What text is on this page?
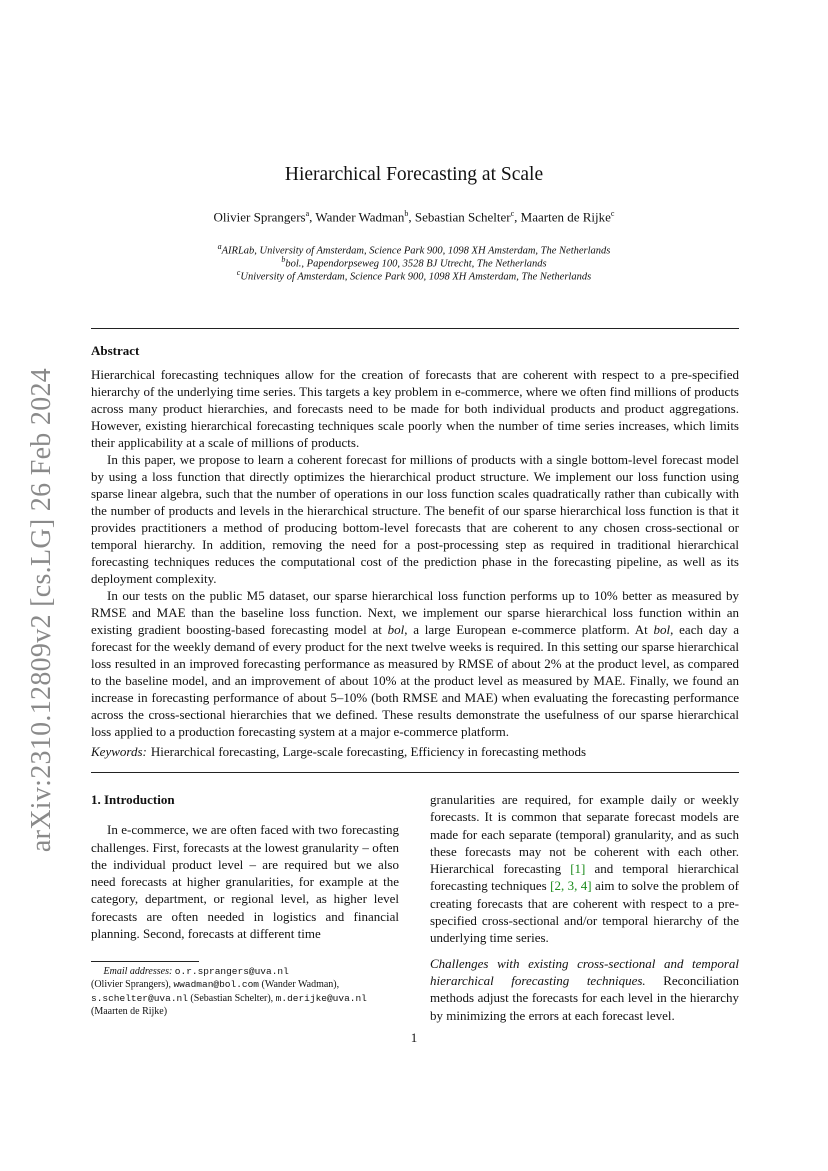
arXiv:2310.12809v2 [cs.LG] 26 Feb 2024
Hierarchical Forecasting at Scale
Olivier Sprangers$^a$, Wander Wadman$^b$, Sebastian Schelter$^c$, Maarten de Rijke$^c$
$^a$AIRLab, University of Amsterdam, Science Park 900, 1098 XH Amsterdam, The Netherlands
$^b$bol., Papendorpseweg 100, 3528 BJ Utrecht, The Netherlands
$^c$University of Amsterdam, Science Park 900, 1098 XH Amsterdam, The Netherlands
Abstract

Hierarchical forecasting techniques allow for the creation of forecasts that are coherent with respect to a pre-specified hierarchy of the underlying time series. This targets a key problem in e-commerce, where we often find millions of products across many product hierarchies, and forecasts need to be made for both individual products and product aggregations. However, existing hierarchical forecasting techniques scale poorly when the number of time series increases, which limits their applicability at a scale of millions of products.

In this paper, we propose to learn a coherent forecast for millions of products with a single bottom-level forecast model by using a loss function that directly optimizes the hierarchical product structure. We implement our loss function using sparse linear algebra, such that the number of operations in our loss function scales quadratically rather than cubically with the number of products and levels in the hierarchical structure. The benefit of our sparse hierarchical loss function is that it provides practitioners a method of producing bottom-level forecasts that are coherent to any chosen cross-sectional or temporal hierarchy. In addition, removing the need for a post-processing step as required in traditional hierarchical forecasting techniques reduces the computational cost of the prediction phase in the forecasting pipeline, as well as its deployment complexity.

In our tests on the public M5 dataset, our sparse hierarchical loss function performs up to 10% better as measured by RMSE and MAE than the baseline loss function. Next, we implement our sparse hierarchical loss function within an existing gradient boosting-based forecasting model at bol, a large European e-commerce platform. At bol, each day a forecast for the weekly demand of every product for the next twelve weeks is required. In this setting our sparse hierarchical loss resulted in an improved forecasting performance as measured by RMSE of about 2% at the product level, as compared to the baseline model, and an improvement of about 10% at the product level as measured by MAE. Finally, we found an increase in forecasting performance of about 5–10% (both RMSE and MAE) when evaluating the forecasting performance across the cross-sectional hierarchies that we defined. These results demonstrate the usefulness of our sparse hierarchical loss applied to a production forecasting system at a major e-commerce platform.

Keywords: Hierarchical forecasting, Large-scale forecasting, Efficiency in forecasting methods
1. Introduction

In e-commerce, we are often faced with two forecasting challenges. First, forecasts at the lowest granularity – often the individual product level – are required but we also need forecasts at higher granularities, for example at the category, department, or regional level, as higher level forecasts are often needed in logistics and financial planning. Second, forecasts at different time

granularities are required, for example daily or weekly forecasts. It is common that separate forecast models are made for each separate (temporal) granularity, and as such these forecasts may not be coherent with each other. Hierarchical forecasting [1] and temporal hierarchical forecasting techniques [2, 3, 4] aim to solve the problem of creating forecasts that are coherent with respect to a pre-specified cross-sectional and/or temporal hierarchy of the underlying time series.

Challenges with existing cross-sectional and temporal hierarchical forecasting techniques. Reconciliation methods adjust the forecasts for each level in the hierarchy by minimizing the errors at each forecast level.

Email addresses: o.r.sprangers@uva.nl
(Olivier Sprangers), wwadman@bol.com (Wander Wadman),
s.schelter@uva.nl (Sebastian Schelter), m.derijke@uva.nl
(Maarten de Rijke)
1
